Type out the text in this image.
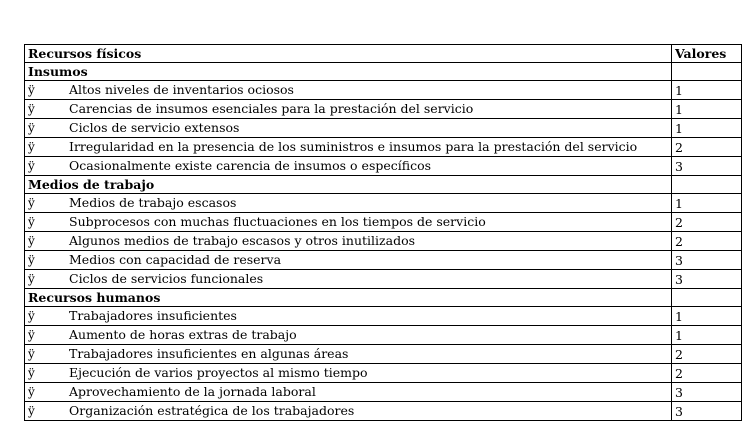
Recursos físicos	Valores
Insumos	
ÿ Altos niveles de inventarios ociosos	1
ÿ Carencias de insumos esenciales para la prestación del servicio	1
ÿ Ciclos de servicio extensos	1
ÿ Irregularidad en la presencia de los suministros e insumos para la prestación del servicio	2
ÿ Ocasionalmente existe carencia de insumos o específicos	3
Medios de trabajo	
ÿ Medios de trabajo escasos	1
ÿ Subprocesos con muchas fluctuaciones en los tiempos de servicio	2
ÿ Algunos medios de trabajo escasos y otros inutilizados	2
ÿ Medios con capacidad de reserva	3
ÿ Ciclos de servicios funcionales	3
Recursos humanos	
ÿ Trabajadores insuficientes	1
ÿ Aumento de horas extras de trabajo	1
ÿ Trabajadores insuficientes en algunas áreas	2
ÿ Ejecución de varios proyectos al mismo tiempo	2
ÿ Aprovechamiento de la jornada laboral	3
ÿ Organización estratégica de los trabajadores	3
